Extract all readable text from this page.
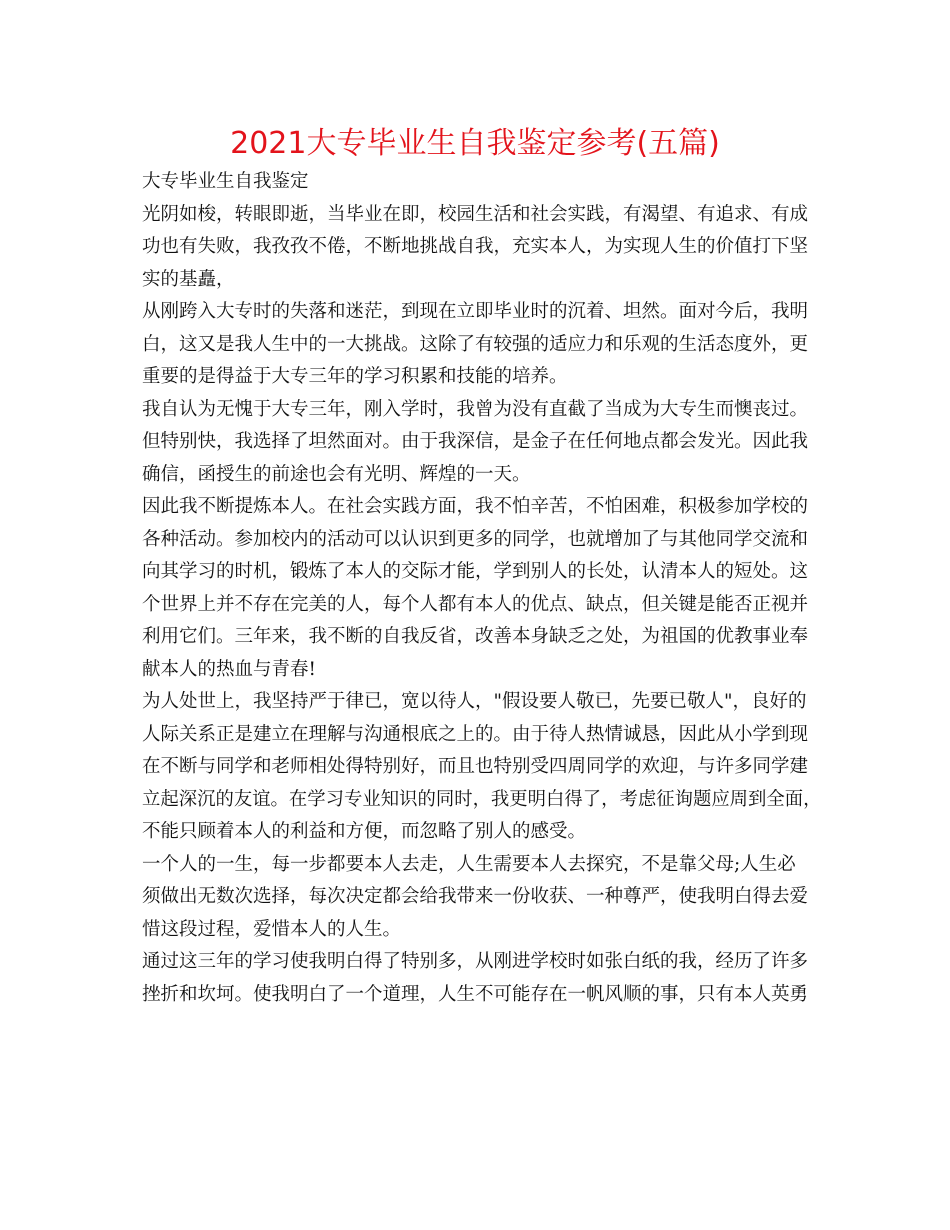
2021大专毕业生自我鉴定参考(五篇)
大专毕业生自我鉴定
光阴如梭，转眼即逝，当毕业在即，校园生活和社会实践，有渴望、有追求、有成
功也有失败，我孜孜不倦，不断地挑战自我，充实本人，为实现人生的价值打下坚
实的基矗，
从刚跨入大专时的失落和迷茫，到现在立即毕业时的沉着、坦然。面对今后，我明
白，这又是我人生中的一大挑战。这除了有较强的适应力和乐观的生活态度外，更
重要的是得益于大专三年的学习积累和技能的培养。
我自认为无愧于大专三年，刚入学时，我曾为没有直截了当成为大专生而懊丧过。
但特别快，我选择了坦然面对。由于我深信，是金子在任何地点都会发光。因此我
确信，函授生的前途也会有光明、辉煌的一天。
因此我不断提炼本人。在社会实践方面，我不怕辛苦，不怕困难，积极参加学校的
各种活动。参加校内的活动可以认识到更多的同学，也就增加了与其他同学交流和
向其学习的时机，锻炼了本人的交际才能，学到别人的长处，认清本人的短处。这
个世界上并不存在完美的人，每个人都有本人的优点、缺点，但关键是能否正视并
利用它们。三年来，我不断的自我反省，改善本身缺乏之处，为祖国的优教事业奉
献本人的热血与青春!
为人处世上，我坚持严于律已，宽以待人，"假设要人敬已，先要已敬人"，良好的
人际关系正是建立在理解与沟通根底之上的。由于待人热情诚恳，因此从小学到现
在不断与同学和老师相处得特别好，而且也特别受四周同学的欢迎，与许多同学建
立起深沉的友谊。在学习专业知识的同时，我更明白得了，考虑征询题应周到全面，
不能只顾着本人的利益和方便，而忽略了别人的感受。
一个人的一生，每一步都要本人去走，人生需要本人去探究，不是靠父母;人生必
须做出无数次选择，每次决定都会给我带来一份收获、一种尊严，使我明白得去爱
惜这段过程，爱惜本人的人生。
通过这三年的学习使我明白得了特别多，从刚进学校时如张白纸的我，经历了许多
挫折和坎坷。使我明白了一个道理，人生不可能存在一帆风顺的事，只有本人英勇
